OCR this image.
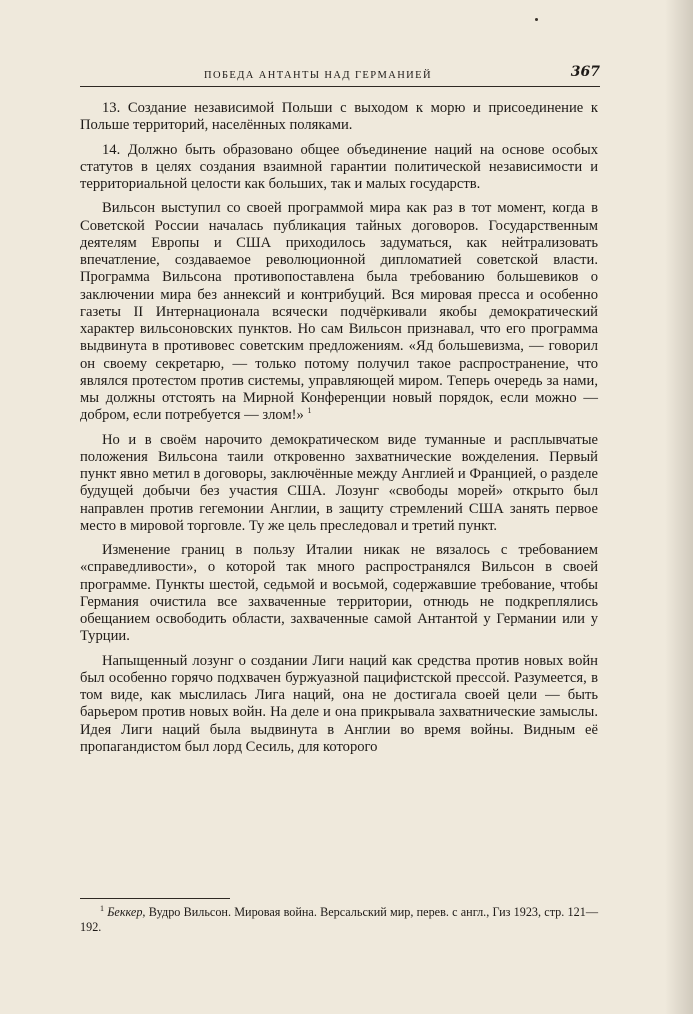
ПОБЕДА АНТАНТЫ НАД ГЕРМАНИЕЙ	367

13. Создание независимой Польши с выходом к морю и присоединение к Польше территорий, населённых поляками.

14. Должно быть образовано общее объединение наций на основе особых статутов в целях создания взаимной гарантии политической независимости и территориальной целости как больших, так и малых государств.

Вильсон выступил со своей программой мира как раз в тот момент, когда в Советской России началась публикация тайных договоров. Государственным деятелям Европы и США приходилось задуматься, как нейтрализовать впечатление, создаваемое революционной дипломатией советской власти. Программа Вильсона противопоставлена была требованию большевиков о заключении мира без аннексий и контрибуций. Вся мировая пресса и особенно газеты II Интернационала всячески подчёркивали якобы демократический характер вильсоновских пунктов. Но сам Вильсон признавал, что его программа выдвинута в противовес советским предложениям. «Яд большевизма, — говорил он своему секретарю, — только потому получил такое распространение, что являлся протестом против системы, управляющей миром. Теперь очередь за нами, мы должны отстоять на Мирной Конференции новый порядок, если можно — добром, если потребуется — злом!» $^1$

Но и в своём нарочито демократическом виде туманные и расплывчатые положения Вильсона таили откровенно захватнические вожделения. Первый пункт явно метил в договоры, заключённые между Англией и Францией, о разделе будущей добычи без участия США. Лозунг «свободы морей» открыто был направлен против гегемонии Англии, в защиту стремлений США занять первое место в мировой торговле. Ту же цель преследовал и третий пункт.

Изменение границ в пользу Италии никак не вязалось с требованием «справедливости», о которой так много распространялся Вильсон в своей программе. Пункты шестой, седьмой и восьмой, содержавшие требование, чтобы Германия очистила все захваченные территории, отнюдь не подкреплялись обещанием освободить области, захваченные самой Антантой у Германии или у Турции.

Напыщенный лозунг о создании Лиги наций как средства против новых войн был особенно горячо подхвачен буржуазной пацифистской прессой. Разумеется, в том виде, как мыслилась Лига наций, она не достигала своей цели — быть барьером против новых войн. На деле и она прикрывала захватнические замыслы. Идея Лиги наций была выдвинута в Англии во время войны. Видным её пропагандистом был лорд Сесиль, для которого

$^1$ Беккер, Вудро Вильсон. Мировая война. Версальский мир, перев. с англ., Гиз 1923, стр. 121—192.
